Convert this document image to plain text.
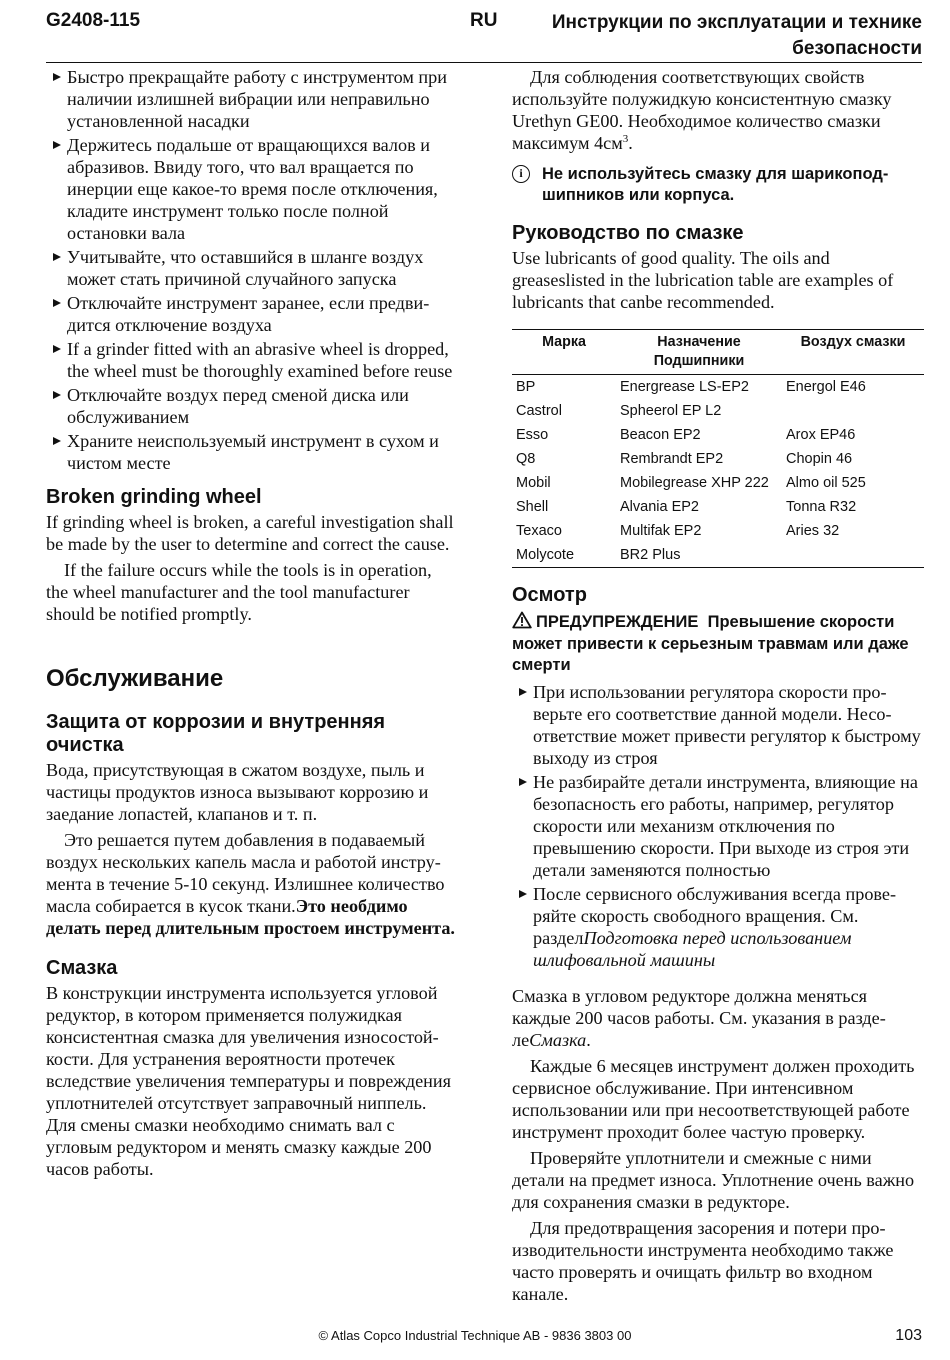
G2408-115	RU	Инструкции по эксплуатации и технике безопасности
Быстро прекращайте работу с инструментом при наличии излишней вибрации или неправильно установленной насадки
Держитесь подальше от вращающихся валов и абразивов. Ввиду того, что вал вращается по инерции еще какое-то время после отключения, кладите инструмент только после полной остановки вала
Учитывайте, что оставшийся в шланге воздух может стать причиной случайного запуска
Отключайте инструмент заранее, если предвидится отключение воздуха
If a grinder fitted with an abrasive wheel is dropped, the wheel must be thoroughly examined before reuse
Отключайте воздух перед сменой диска или обслуживанием
Храните неиспользуемый инструмент в сухом и чистом месте
Broken grinding wheel

If grinding wheel is broken, a careful investigation shall be made by the user to determine and correct the cause.

If the failure occurs while the tools is in operation, the wheel manufacturer and the tool manufacturer should be notified promptly.

Обслуживание
Защита от коррозии и внутренняя очистка

Вода, присутствующая в сжатом воздухе, пыль и частицы продуктов износа вызывают коррозию и заедание лопастей, клапанов и т. п.

Это решается путем добавления в подаваемый воздух нескольких капель масла и работой инструмента в течение 5-10 секунд. Излишнее количество масла собирается в кусок ткани.Это необдимо делать перед длительным простоем инструмента.

Смазка

В конструкции инструмента используется угловой редуктор, в котором применяется полужидкая консистентная смазка для увеличения износостойкости. Для устранения вероятности протечек вследствие увеличения температуры и повреждения уплотнителей отсутствует заправочный ниппель. Для смены смазки необходимо снимать вал с угловым редуктором и менять смазку каждые 200 часов работы.

Для соблюдения соответствующих свойств используйте полужидкую консистентную смазку Urethyn GE00. Необходимое количество смазки максимум $4см^3$.

i	Не используйтесь смазку для шарикоподшипников или корпуса.
Руководство по смазке

Use lubricants of good quality. The oils and greaseslisted in the lubrication table are examples of lubricants that canbe recommended.

Марка	Назначение Подшипники	Воздух смазки
BP	Energrease LS-EP2	Energol E46
Castrol	Spheerol EP L2	
Esso	Beacon EP2	Arox EP46
Q8	Rembrandt EP2	Chopin 46
Mobil	Mobilegrease XHP 222	Almo oil 525
Shell	Alvania EP2	Tonna R32
Texaco	Multifak EP2	Aries 32
Molycote	BR2 Plus	
Осмотр
ПРЕДУПРЕЖДЕНИЕ Превышение скорости может привести к серьезным травмам или даже смерти
При использовании регулятора скорости проверьте его соответствие данной модели. Несоответствие может привести регулятор к быстрому выходу из строя
Не разбирайте детали инструмента, влияющие на безопасность его работы, например, регулятор скорости или механизм отключения по превышению скорости. При выходе из строя эти детали заменяются полностью
После сервисного обслуживания всегда проверяйте скорость свободного вращения. См. разделПодготовка перед использованием шлифовальной машины

Смазка в угловом редукторе должна меняться каждые 200 часов работы. См. указания в разделеСмазка.

Каждые 6 месяцев инструмент должен проходить сервисное обслуживание. При интенсивном использовании или при несоответствующей работе инструмент проходит более частую проверку.

Проверяйте уплотнители и смежные с ними детали на предмет износа. Уплотнение очень важно для сохранения смазки в редукторе.

Для предотвращения засорения и потери производительности инструмента необходимо также часто проверять и очищать фильтр во входном канале.

© Atlas Copco Industrial Technique AB - 9836 3803 00	103
